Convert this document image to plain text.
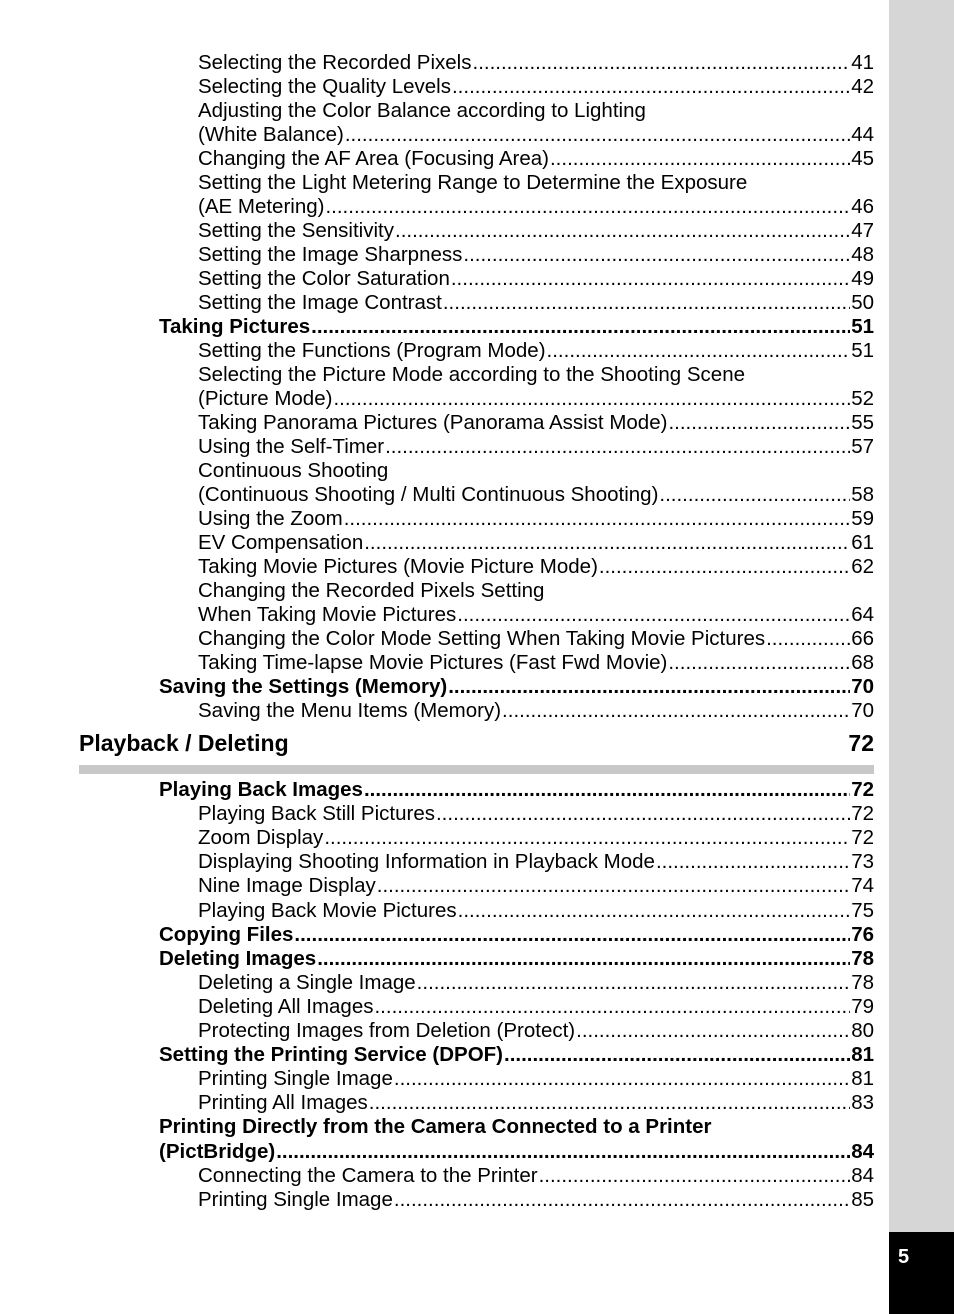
Selecting the Recorded Pixels .....	41
Selecting the Quality Levels .....	42
Adjusting the Color Balance according to Lighting
(White Balance) .....	44
Changing the AF Area (Focusing Area) .....	45
Setting the Light Metering Range to Determine the Exposure
(AE Metering) .....	46
Setting the Sensitivity .....	47
Setting the Image Sharpness .....	48
Setting the Color Saturation .....	49
Setting the Image Contrast .....	50
Taking Pictures .....	51
Setting the Functions (Program Mode) .....	51
Selecting the Picture Mode according to the Shooting Scene
(Picture Mode) .....	52
Taking Panorama Pictures (Panorama Assist Mode) .....	55
Using the Self-Timer .....	57
Continuous Shooting
(Continuous Shooting / Multi Continuous Shooting) .....	58
Using the Zoom .....	59
EV Compensation .....	61
Taking Movie Pictures (Movie Picture Mode) .....	62
Changing the Recorded Pixels Setting
When Taking Movie Pictures .....	64
Changing the Color Mode Setting When Taking Movie Pictures .....	66
Taking Time-lapse Movie Pictures (Fast Fwd Movie) .....	68
Saving the Settings (Memory) .....	70
Saving the Menu Items (Memory) .....	70
Playback / Deleting	72
Playing Back Images .....	72
Playing Back Still Pictures .....	72
Zoom Display .....	72
Displaying Shooting Information in Playback Mode .....	73
Nine Image Display .....	74
Playing Back Movie Pictures .....	75
Copying Files .....	76
Deleting Images .....	78
Deleting a Single Image .....	78
Deleting All Images .....	79
Protecting Images from Deletion (Protect) .....	80
Setting the Printing Service (DPOF) .....	81
Printing Single Image .....	81
Printing All Images .....	83
Printing Directly from the Camera Connected to a Printer
(PictBridge) .....	84
Connecting the Camera to the Printer .....	84
Printing Single Image .....	85
5
